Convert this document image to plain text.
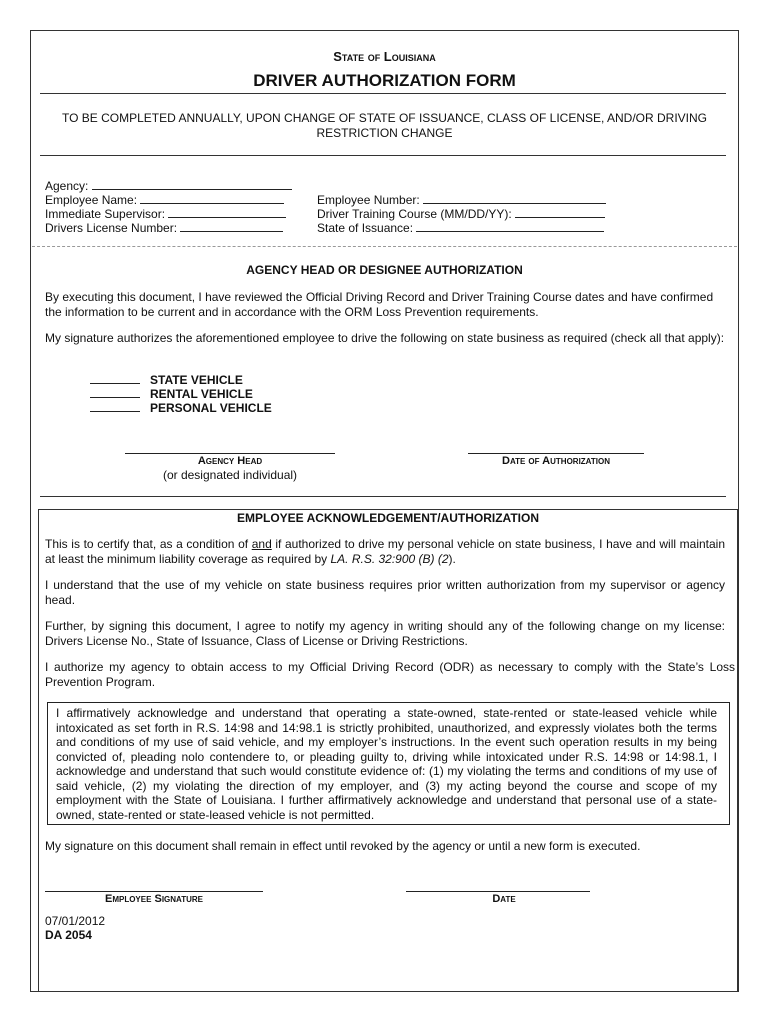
State of Louisiana
DRIVER AUTHORIZATION FORM
TO BE COMPLETED ANNUALLY, UPON CHANGE OF STATE OF ISSUANCE, CLASS OF LICENSE, AND/OR DRIVING
RESTRICTION CHANGE
Agency:
Employee Name:
Immediate Supervisor:
Drivers License Number:
Employee Number:
Driver Training Course (MM/DD/YY):
State of Issuance:
AGENCY HEAD OR DESIGNEE AUTHORIZATION
By executing this document, I have reviewed the Official Driving Record and Driver Training Course dates and have confirmed the information to be current and in accordance with the ORM Loss Prevention requirements.
My signature authorizes the aforementioned employee to drive the following on state business as required (check all that apply):
STATE VEHICLE
RENTAL VEHICLE
PERSONAL VEHICLE
Agency Head
(or designated individual)
Date of Authorization
EMPLOYEE ACKNOWLEDGEMENT/AUTHORIZATION
This is to certify that, as a condition of and if authorized to drive my personal vehicle on state business, I have and will maintain at least the minimum liability coverage as required by LA. R.S. 32:900 (B) (2).
I understand that the use of my vehicle on state business requires prior written authorization from my supervisor or agency head.
Further, by signing this document, I agree to notify my agency in writing should any of the following change on my license: Drivers License No., State of Issuance, Class of License or Driving Restrictions.
I authorize my agency to obtain access to my Official Driving Record (ODR) as necessary to comply with the State’s Loss Prevention Program.
I affirmatively acknowledge and understand that operating a state-owned, state-rented or state-leased vehicle while intoxicated as set forth in R.S. 14:98 and 14:98.1 is strictly prohibited, unauthorized, and expressly violates both the terms and conditions of my use of said vehicle, and my employer’s instructions. In the event such operation results in my being convicted of, pleading nolo contendere to, or pleading guilty to, driving while intoxicated under R.S. 14:98 or 14:98.1, I acknowledge and understand that such would constitute evidence of: (1) my violating the terms and conditions of my use of said vehicle, (2) my violating the direction of my employer, and (3) my acting beyond the course and scope of my employment with the State of Louisiana. I further affirmatively acknowledge and understand that personal use of a state-owned, state-rented or state-leased vehicle is not permitted.
My signature on this document shall remain in effect until revoked by the agency or until a new form is executed.
Employee Signature	Date
07/01/2012
DA 2054
